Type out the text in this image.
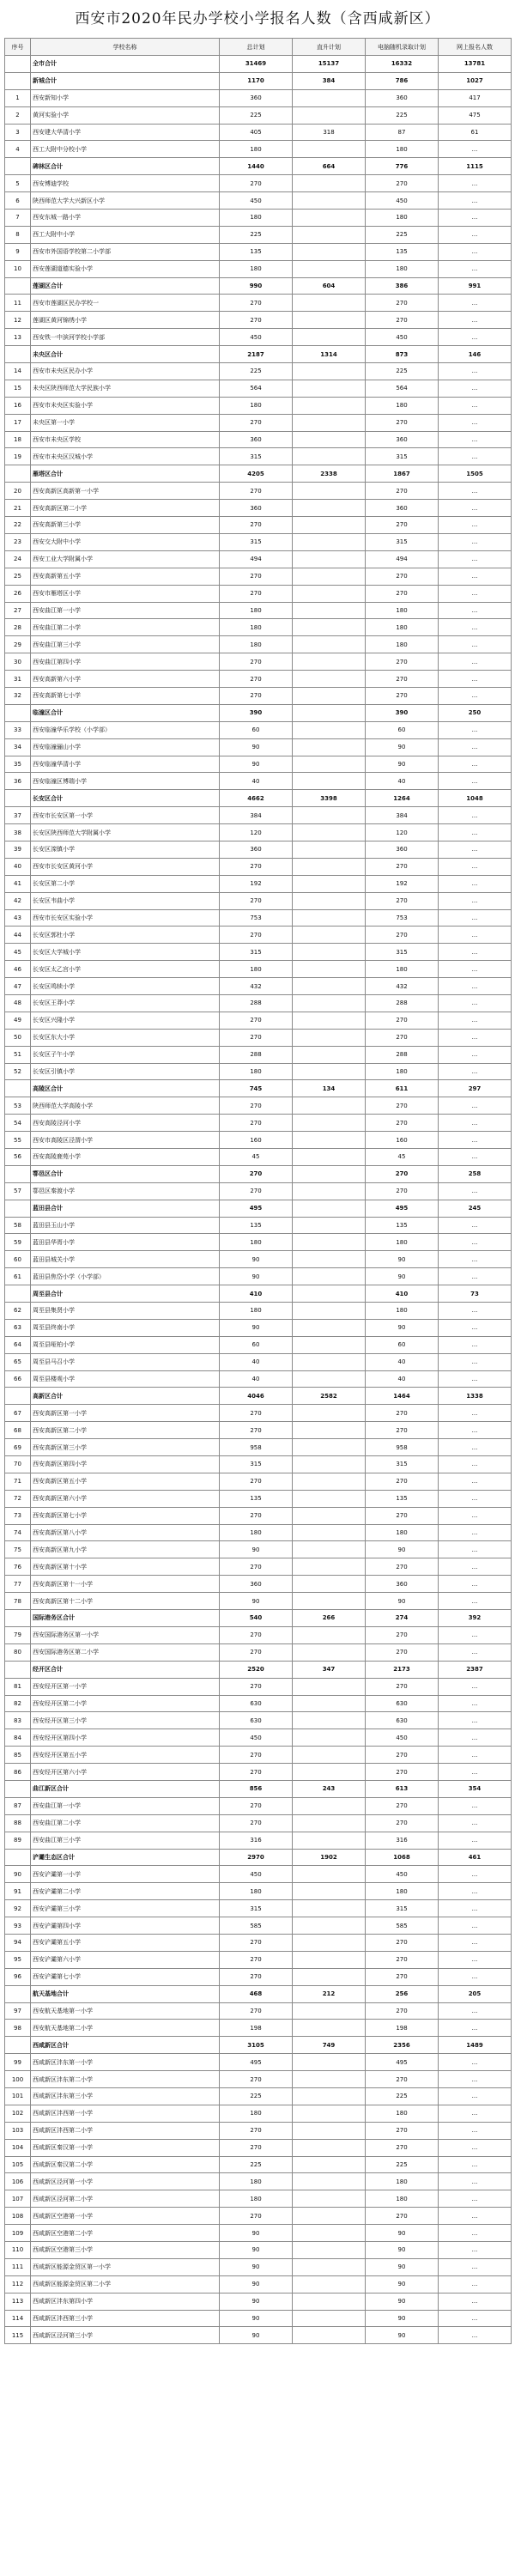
西安市2020年民办学校小学报名人数（含西咸新区）
序号	学校名称	总计划	直升计划	电脑随机录取计划	网上报名人数
	全市合计	31469	15137	16332	13781
	新城合计	1170	384	786	1027
1	西安新知小学	360		360	417
2	黄河实验小学	225		225	475
3	西安建大华清小学	405	318	87	61
4	西工大附中分校小学	180		180	...
	碑林区合计	1440	664	776	1115
5	西安博迪学校	270		270	...
6	陕西师范大学大兴新区小学	450		450	...
7	西安东城一路小学	180		180	...
8	西工大附中小学	225		225	...
9	西安市外国语学校第二小学部	135		135	...
10	西安莲湖道德实验小学	180		180	...
	莲湖区合计	990	604	386	991
11	西安市莲湖区民办学校一	270		270	...
12	莲湖区黄河锦绣小学	270		270	...
13	西安铁一中滨河学校小学部	450		450	...
	未央区合计	2187	1314	873	146
14	西安市未央区民办小学	225		225	...
15	未央区陕西师范大学民族小学	564		564	...
16	西安市未央区实验小学	180		180	...
17	未央区第一小学	270		270	...
18	西安市未央区学校	360		360	...
19	西安市未央区汉城小学	315		315	...
	雁塔区合计	4205	2338	1867	1505
20	西安高新区高新第一小学	270		270	...
21	西安高新区第二小学	360		360	...
22	西安高新第三小学	270		270	...
23	西安交大附中小学	315		315	...
24	西安工业大学附属小学	494		494	...
25	西安高新第五小学	270		270	...
26	西安市雁塔区小学	270		270	...
27	西安曲江第一小学	180		180	...
28	西安曲江第二小学	180		180	...
29	西安曲江第三小学	180		180	...
30	西安曲江第四小学	270		270	...
31	西安高新第六小学	270		270	...
32	西安高新第七小学	270		270	...
	临潼区合计	390		390	250
33	西安临潼华乐学校（小学部）	60		60	...
34	西安临潼骊山小学	90		90	...
35	西安临潼华清小学	90		90	...
36	西安临潼区博瑞小学	40		40	...
	长安区合计	4662	3398	1264	1048
37	西安市长安区第一小学	384		384	...
38	长安区陕西师范大学附属小学	120		120	...
39	长安区滦镇小学	360		360	...
40	西安市长安区黄河小学	270		270	...
41	长安区第二小学	192		192	...
42	长安区韦曲小学	270		270	...
43	西安市长安区实验小学	753		753	...
44	长安区郭杜小学	270		270	...
45	长安区大学城小学	315		315	...
46	长安区太乙宫小学	180		180	...
47	长安区鸣犊小学	432		432	...
48	长安区王莽小学	288		288	...
49	长安区兴隆小学	270		270	...
50	长安区东大小学	270		270	...
51	长安区子午小学	288		288	...
52	长安区引镇小学	180		180	...
	高陵区合计	745	134	611	297
53	陕西师范大学高陵小学	270		270	...
54	西安高陵泾河小学	270		270	...
55	西安市高陵区泾渭小学	160		160	...
56	西安高陵鹿苑小学	45		45	...
	鄠邑区合计	270		270	258
57	鄠邑区秦渡小学	270		270	...
	蓝田县合计	495		495	245
58	蓝田县玉山小学	135		135	...
59	蓝田县华胥小学	180		180	...
60	蓝田县城关小学	90		90	...
61	蓝田县焦岱小学（小学部）	90		90	...
	周至县合计	410		410	73
62	周至县集贤小学	180		180	...
63	周至县终南小学	90		90	...
64	周至县哑柏小学	60		60	...
65	周至县马召小学	40		40	...
66	周至县楼观小学	40		40	...
	高新区合计	4046	2582	1464	1338
67	西安高新区第一小学	270		270	...
68	西安高新区第二小学	270		270	...
69	西安高新区第三小学	958		958	...
70	西安高新区第四小学	315		315	...
71	西安高新区第五小学	270		270	...
72	西安高新区第六小学	135		135	...
73	西安高新区第七小学	270		270	...
74	西安高新区第八小学	180		180	...
75	西安高新区第九小学	90		90	...
76	西安高新区第十小学	270		270	...
77	西安高新区第十一小学	360		360	...
78	西安高新区第十二小学	90		90	...
	国际港务区合计	540	266	274	392
79	西安国际港务区第一小学	270		270	...
80	西安国际港务区第二小学	270		270	...
	经开区合计	2520	347	2173	2387
81	西安经开区第一小学	270		270	...
82	西安经开区第二小学	630		630	...
83	西安经开区第三小学	630		630	...
84	西安经开区第四小学	450		450	...
85	西安经开区第五小学	270		270	...
86	西安经开区第六小学	270		270	...
	曲江新区合计	856	243	613	354
87	西安曲江第一小学	270		270	...
88	西安曲江第二小学	270		270	...
89	西安曲江第三小学	316		316	...
	浐灞生态区合计	2970	1902	1068	461
90	西安浐灞第一小学	450		450	...
91	西安浐灞第二小学	180		180	...
92	西安浐灞第三小学	315		315	...
93	西安浐灞第四小学	585		585	...
94	西安浐灞第五小学	270		270	...
95	西安浐灞第六小学	270		270	...
96	西安浐灞第七小学	270		270	...
	航天基地合计	468	212	256	205
97	西安航天基地第一小学	270		270	...
98	西安航天基地第二小学	198		198	...
	西咸新区合计	3105	749	2356	1489
99	西咸新区沣东第一小学	495		495	...
100	西咸新区沣东第二小学	270		270	...
101	西咸新区沣东第三小学	225		225	...
102	西咸新区沣西第一小学	180		180	...
103	西咸新区沣西第二小学	270		270	...
104	西咸新区秦汉第一小学	270		270	...
105	西咸新区秦汉第二小学	225		225	...
106	西咸新区泾河第一小学	180		180	...
107	西咸新区泾河第二小学	180		180	...
108	西咸新区空港第一小学	270		270	...
109	西咸新区空港第二小学	90		90	...
110	西咸新区空港第三小学	90		90	...
111	西咸新区能源金贸区第一小学	90		90	...
112	西咸新区能源金贸区第二小学	90		90	...
113	西咸新区沣东第四小学	90		90	...
114	西咸新区沣西第三小学	90		90	...
115	西咸新区泾河第三小学	90		90	...
